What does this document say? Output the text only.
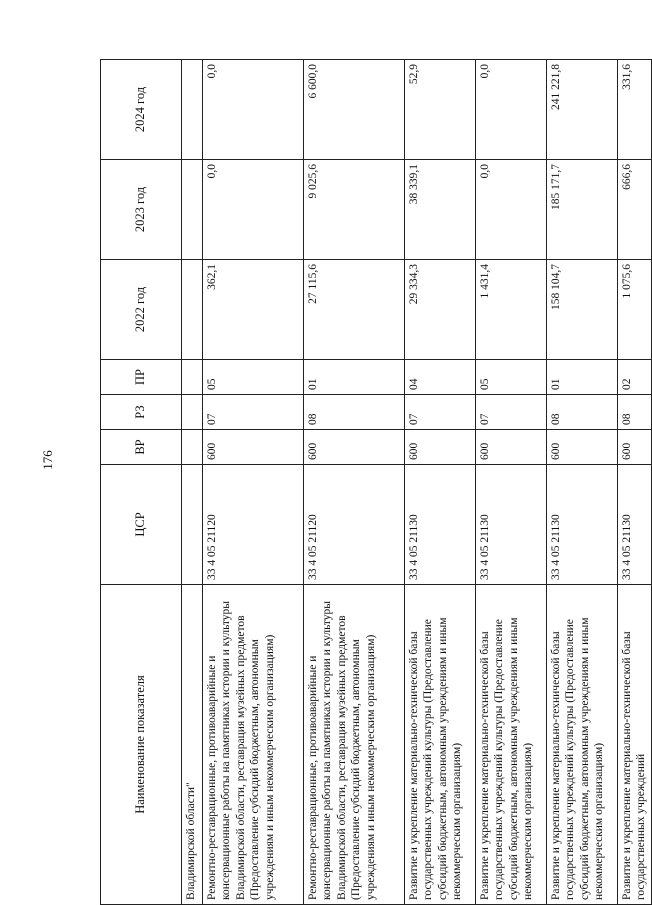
176
Наименование показателя	ЦСР	ВР	РЗ	ПР	2022 год	2023 год	2024 год
Владимирской области"							
Ремонтно-реставрационные, противоаварийные и консервационные работы на памятниках истории и культуры Владимирской области, реставрация музейных предметов (Предоставление субсидий бюджетным, автономным учреждениям и иным некоммерческим организациям)	33 4 05 21120	600	07	05	362,1	0,0	0,0
Ремонтно-реставрационные, противоаварийные и консервационные работы на памятниках истории и культуры Владимирской области, реставрация музейных предметов (Предоставление субсидий бюджетным, автономным учреждениям и иным некоммерческим организациям)	33 4 05 21120	600	08	01	27 115,6	9 025,6	6 600,0
Развитие и укрепление материально-технической базы государственных учреждений культуры (Предоставление субсидий бюджетным, автономным учреждениям и иным некоммерческим организациям)	33 4 05 21130	600	07	04	29 334,3	38 339,1	52,9
Развитие и укрепление материально-технической базы государственных учреждений культуры (Предоставление субсидий бюджетным, автономным учреждениям и иным некоммерческим организациям)	33 4 05 21130	600	07	05	1 431,4	0,0	0,0
Развитие и укрепление материально-технической базы государственных учреждений культуры (Предоставление субсидий бюджетным, автономным учреждениям и иным некоммерческим организациям)	33 4 05 21130	600	08	01	158 104,7	185 171,7	241 221,8
Развитие и укрепление материально-технической базы государственных учреждений	33 4 05 21130	600	08	02	1 075,6	666,6	331,6
